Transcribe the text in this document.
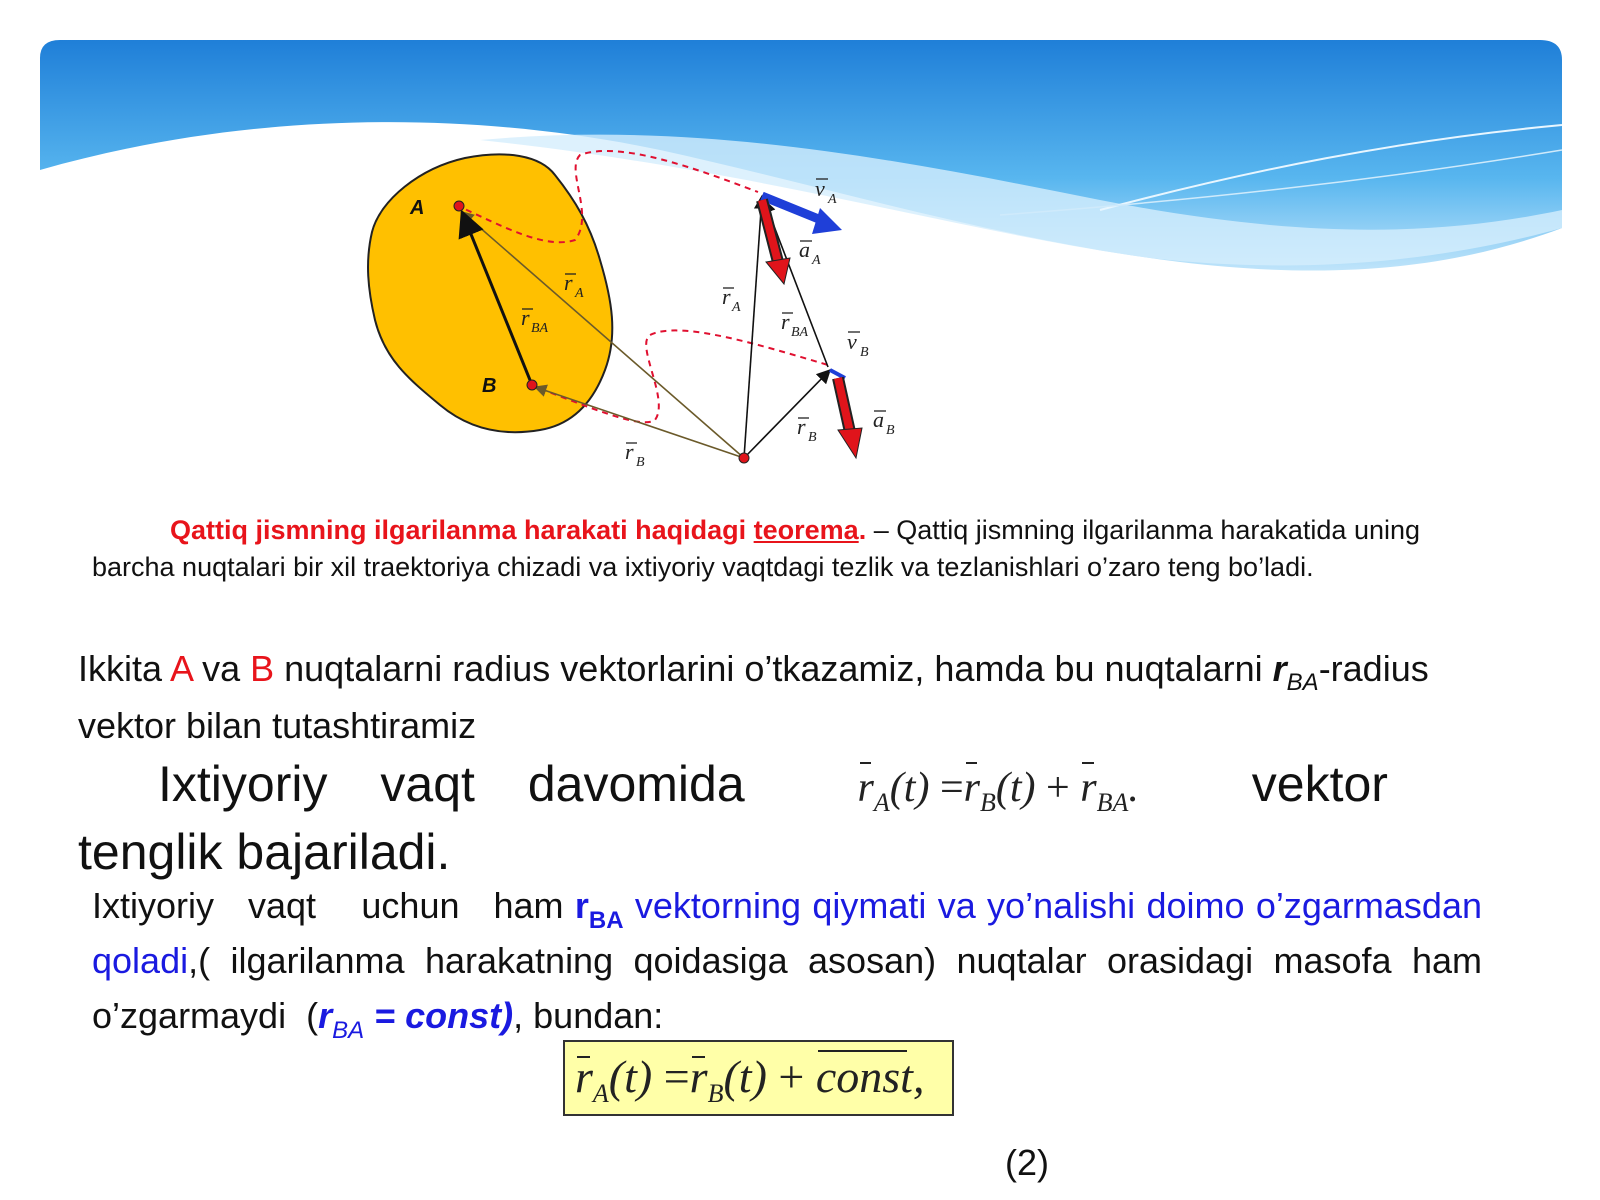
A
B
r A
r BA
r B
v A
a A
r A
r BA v B
a B
r B
Qattiq jismning ilgarilanma harakati haqidagi teorema. – Qattiq jismning ilgarilanma harakatida uning barcha nuqtalari bir xil traektoriya chizadi va ixtiyoriy vaqtdagi tezlik va tezlanishlari o’zaro teng bo’ladi.
Ikkita A va B nuqtalarni radius vektorlarini o’tkazamiz, hamda bu nuqtalarni $r_{BA}$-radius vektor bilan tutashtiramiz
Ixtiyoriy vaqt davomida	$r_A(t) =r_B(t) + r_{BA}$. vektor
tenglik bajariladi.
Ixtiyoriy   vaqt    uchun   ham $r_{BA}$ vektorning qiymati va yo’nalishi doimo o’zgarmasdan qoladi,( ilgarilanma harakatning qoidasiga asosan) nuqtalar orasidagi masofa ham o’zgarmaydi  ($r_{BA}$ = const), bundan:
$r_A(t) =r_B(t)$ + const,
(2)
